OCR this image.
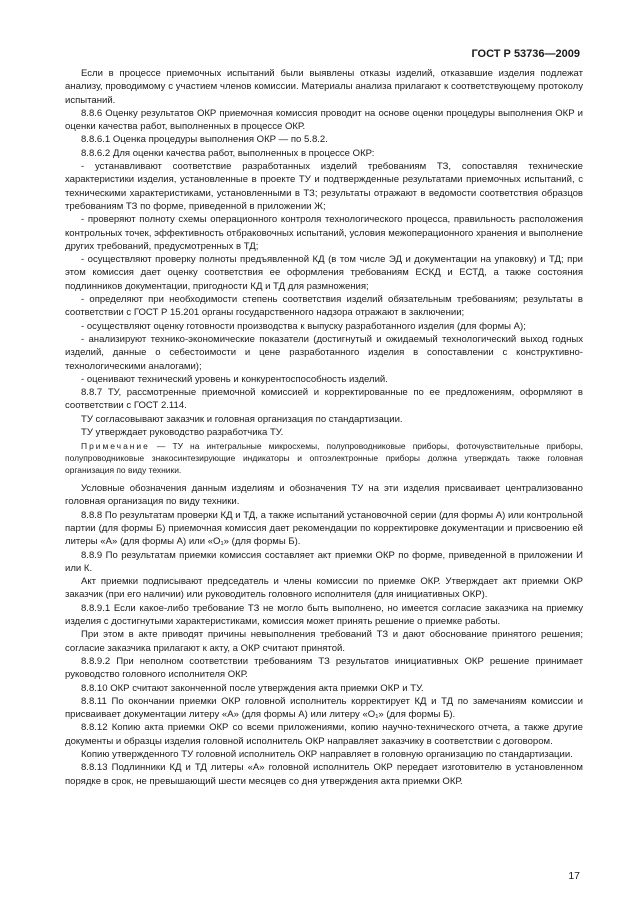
ГОСТ Р 53736—2009

Если в процессе приемочных испытаний были выявлены отказы изделий, отказавшие изделия подлежат анализу, проводимому с участием членов комиссии. Материалы анализа прилагают к соответствующему протоколу испытаний.

8.8.6 Оценку результатов ОКР приемочная комиссия проводит на основе оценки процедуры выполнения ОКР и оценки качества работ, выполненных в процессе ОКР.

8.8.6.1 Оценка процедуры выполнения ОКР — по 5.8.2.

8.8.6.2 Для оценки качества работ, выполненных в процессе ОКР:

- устанавливают соответствие разработанных изделий требованиям ТЗ, сопоставляя технические характеристики изделия, установленные в проекте ТУ и подтвержденные результатами приемочных испытаний, с техническими характеристиками, установленными в ТЗ; результаты отражают в ведомости соответствия образцов требованиям ТЗ по форме, приведенной в приложении Ж;

- проверяют полноту схемы операционного контроля технологического процесса, правильность расположения контрольных точек, эффективность отбраковочных испытаний, условия межоперационного хранения и выполнение других требований, предусмотренных в ТД;

- осуществляют проверку полноты предъявленной КД (в том числе ЭД и документации на упаковку) и ТД; при этом комиссия дает оценку соответствия ее оформления требованиям ЕСКД и ЕСТД, а также состояния подлинников документации, пригодности КД и ТД для размножения;

- определяют при необходимости степень соответствия изделий обязательным требованиям; результаты в соответствии с ГОСТ Р 15.201 органы государственного надзора отражают в заключении;

- осуществляют оценку готовности производства к выпуску разработанного изделия (для формы А);

- анализируют технико-экономические показатели (достигнутый и ожидаемый технологический выход годных изделий, данные о себестоимости и цене разработанного изделия в сопоставлении с конструктивно-технологическими аналогами);

- оценивают технический уровень и конкурентоспособность изделий.

8.8.7 ТУ, рассмотренные приемочной комиссией и корректированные по ее предложениям, оформляют в соответствии с ГОСТ 2.114.

ТУ согласовывают заказчик и головная организация по стандартизации.

ТУ утверждает руководство разработчика ТУ.

Примечание — ТУ на интегральные микросхемы, полупроводниковые приборы, фоточувствительные приборы, полупроводниковые знакосинтезирующие индикаторы и оптоэлектронные приборы должна утверждать также головная организация по виду техники.

Условные обозначения данным изделиям и обозначения ТУ на эти изделия присваивает централизованно головная организация по виду техники.

8.8.8 По результатам проверки КД и ТД, а также испытаний установочной серии (для формы А) или контрольной партии (для формы Б) приемочная комиссия дает рекомендации по корректировке документации и присвоению ей литеры «А» (для формы А) или «О₁» (для формы Б).

8.8.9 По результатам приемки комиссия составляет акт приемки ОКР по форме, приведенной в приложении И или К.

Акт приемки подписывают председатель и члены комиссии по приемке ОКР. Утверждает акт приемки ОКР заказчик (при его наличии) или руководитель головного исполнителя (для инициативных ОКР).

8.8.9.1 Если какое-либо требование ТЗ не могло быть выполнено, но имеется согласие заказчика на приемку изделия с достигнутыми характеристиками, комиссия может принять решение о приемке работы.

При этом в акте приводят причины невыполнения требований ТЗ и дают обоснование принятого решения; согласие заказчика прилагают к акту, а ОКР считают принятой.

8.8.9.2 При неполном соответствии требованиям ТЗ результатов инициативных ОКР решение принимает руководство головного исполнителя ОКР.

8.8.10 ОКР считают законченной после утверждения акта приемки ОКР и ТУ.

8.8.11 По окончании приемки ОКР головной исполнитель корректирует КД и ТД по замечаниям комиссии и присваивает документации литеру «А» (для формы А) или литеру «О₁» (для формы Б).

8.8.12 Копию акта приемки ОКР со всеми приложениями, копию научно-технического отчета, а также другие документы и образцы изделия головной исполнитель ОКР направляет заказчику в соответствии с договором.

Копию утвержденного ТУ головной исполнитель ОКР направляет в головную организацию по стандартизации.

8.8.13 Подлинники КД и ТД литеры «А» головной исполнитель ОКР передает изготовителю в установленном порядке в срок, не превышающий шести месяцев со дня утверждения акта приемки ОКР.

17
